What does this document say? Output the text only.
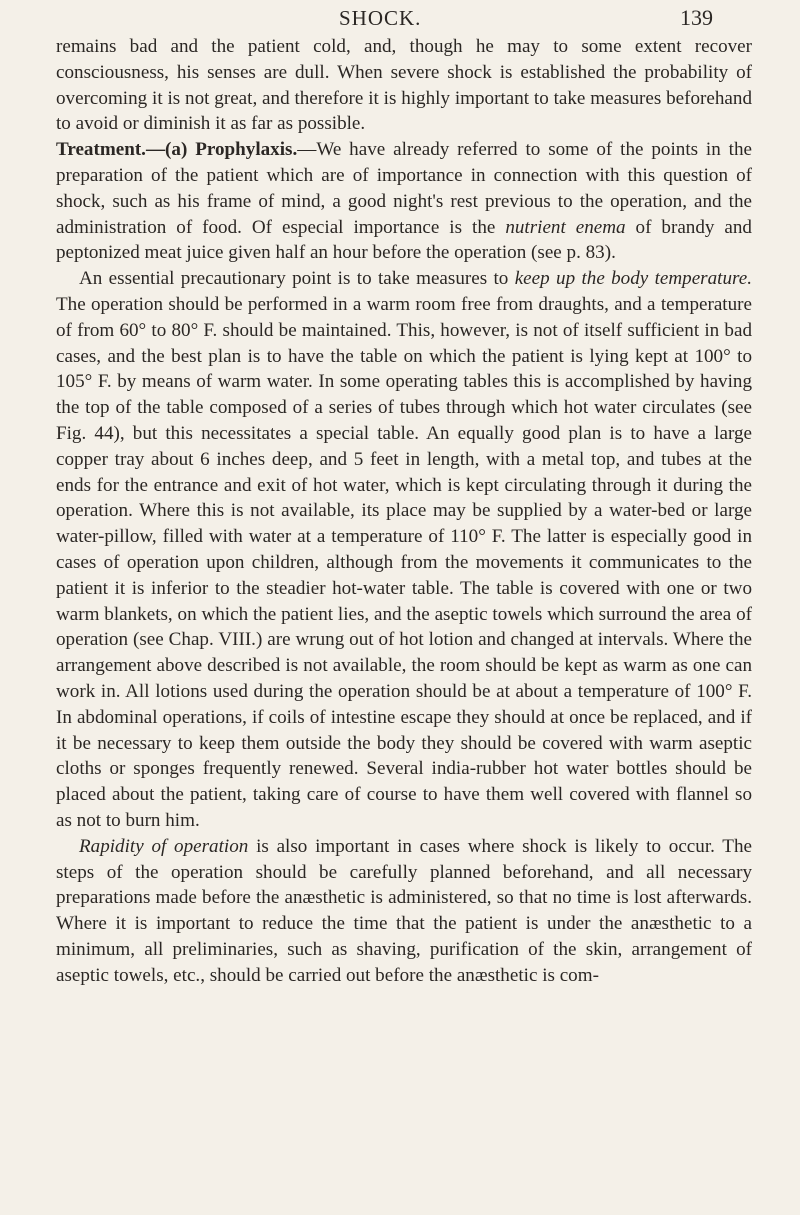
SHOCK.	139

remains bad and the patient cold, and, though he may to some extent recover consciousness, his senses are dull. When severe shock is established the probability of overcoming it is not great, and therefore it is highly important to take measures beforehand to avoid or diminish it as far as possible.

Treatment.—(a) Prophylaxis.—We have already referred to some of the points in the preparation of the patient which are of importance in connection with this question of shock, such as his frame of mind, a good night's rest previous to the operation, and the administration of food. Of especial importance is the nutrient enema of brandy and peptonized meat juice given half an hour before the operation (see p. 83).

An essential precautionary point is to take measures to keep up the body temperature. The operation should be performed in a warm room free from draughts, and a temperature of from 60° to 80° F. should be maintained. This, however, is not of itself sufficient in bad cases, and the best plan is to have the table on which the patient is lying kept at 100° to 105° F. by means of warm water. In some operating tables this is accomplished by having the top of the table composed of a series of tubes through which hot water circulates (see Fig. 44), but this necessitates a special table. An equally good plan is to have a large copper tray about 6 inches deep, and 5 feet in length, with a metal top, and tubes at the ends for the entrance and exit of hot water, which is kept circulating through it during the operation. Where this is not available, its place may be supplied by a water-bed or large water-pillow, filled with water at a temperature of 110° F. The latter is especially good in cases of operation upon children, although from the movements it communicates to the patient it is inferior to the steadier hot-water table. The table is covered with one or two warm blankets, on which the patient lies, and the aseptic towels which surround the area of operation (see Chap. VIII.) are wrung out of hot lotion and changed at intervals. Where the arrangement above described is not available, the room should be kept as warm as one can work in. All lotions used during the operation should be at about a temperature of 100° F. In abdominal operations, if coils of intestine escape they should at once be replaced, and if it be necessary to keep them outside the body they should be covered with warm aseptic cloths or sponges frequently renewed. Several india-rubber hot water bottles should be placed about the patient, taking care of course to have them well covered with flannel so as not to burn him.

Rapidity of operation is also important in cases where shock is likely to occur. The steps of the operation should be carefully planned beforehand, and all necessary preparations made before the anæsthetic is administered, so that no time is lost afterwards. Where it is important to reduce the time that the patient is under the anæsthetic to a minimum, all preliminaries, such as shaving, purification of the skin, arrangement of aseptic towels, etc., should be carried out before the anæsthetic is com-
